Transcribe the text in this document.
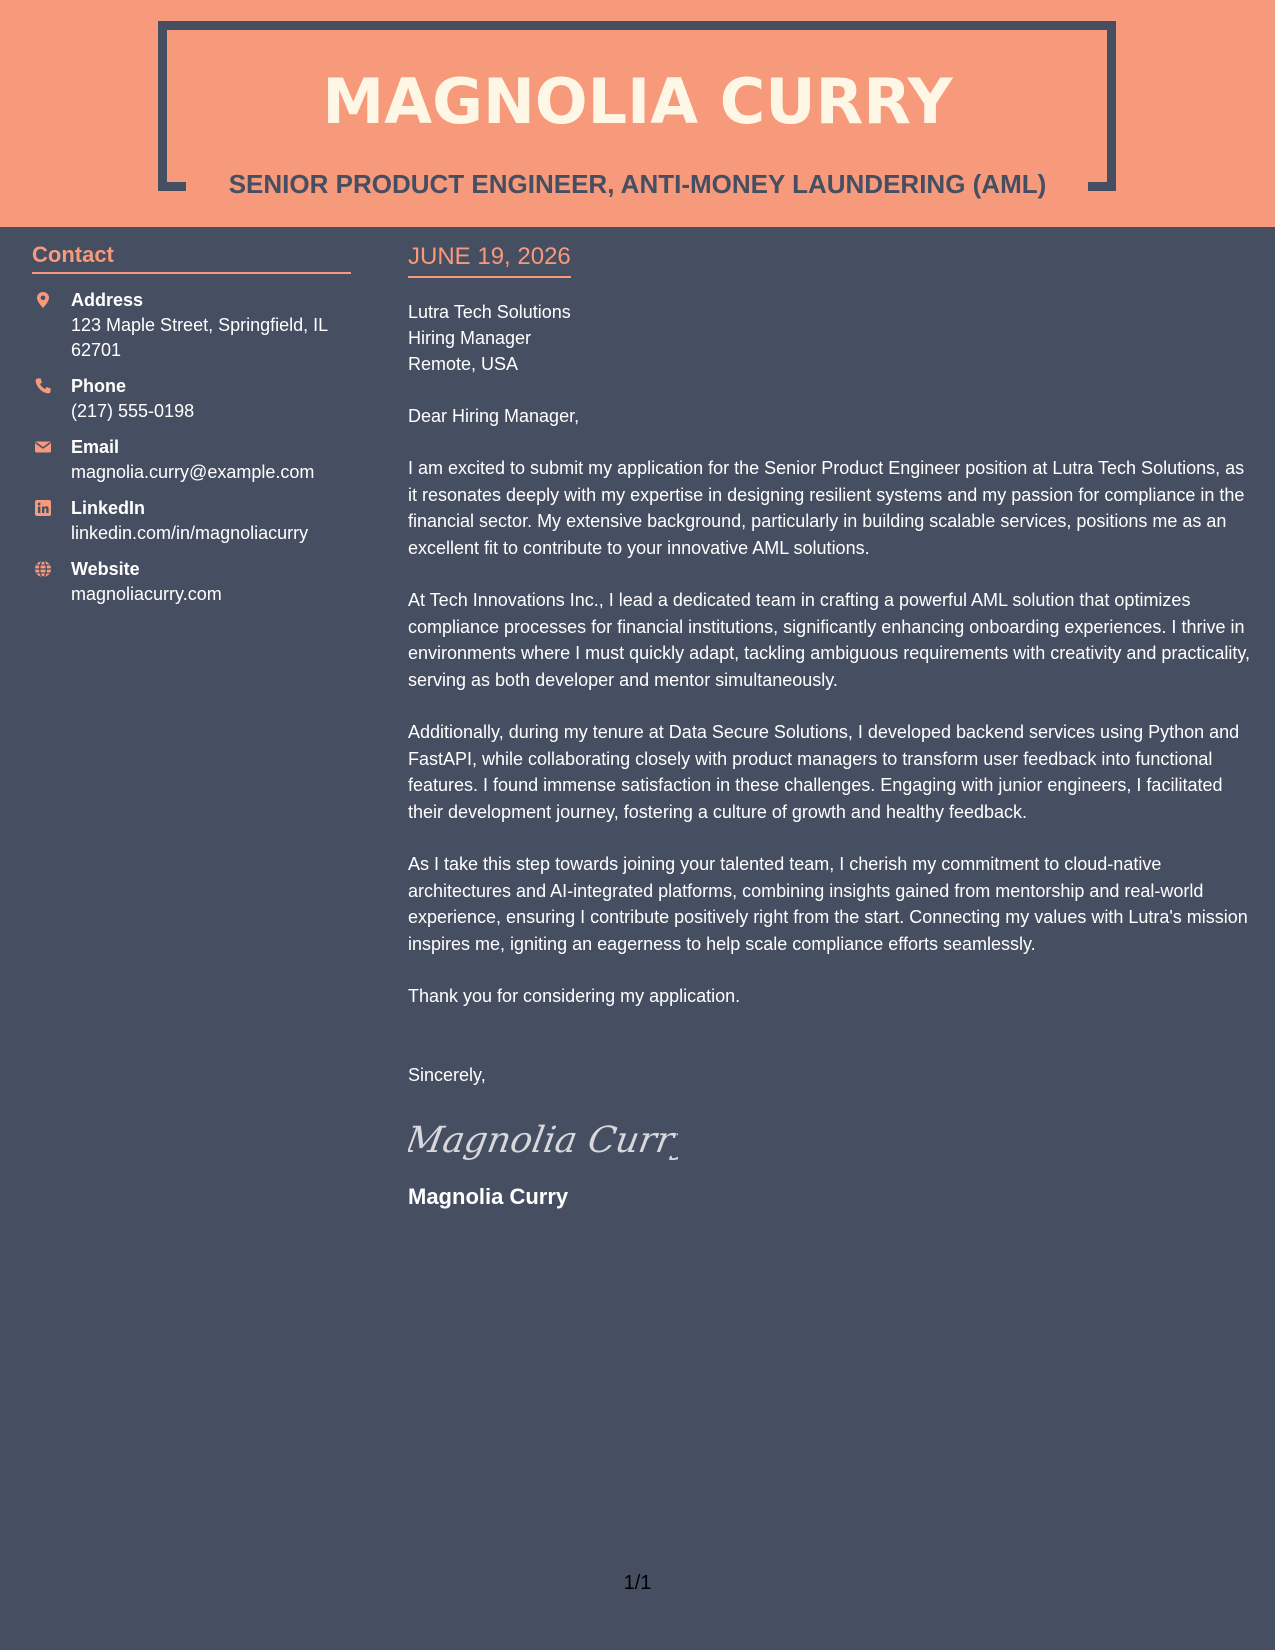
MAGNOLIA CURRY
SENIOR PRODUCT ENGINEER, ANTI-MONEY LAUNDERING (AML)
Contact
Address
123 Maple Street, Springfield, IL 62701
Phone
(217) 555-0198
Email
magnolia.curry@example.com
LinkedIn
linkedin.com/in/magnoliacurry
Website
magnoliacurry.com
JUNE 19, 2026
Lutra Tech Solutions
Hiring Manager
Remote, USA
Dear Hiring Manager,

I am excited to submit my application for the Senior Product Engineer position at Lutra Tech Solutions, as it resonates deeply with my expertise in designing resilient systems and my passion for compliance in the financial sector. My extensive background, particularly in building scalable services, positions me as an excellent fit to contribute to your innovative AML solutions.

At Tech Innovations Inc., I lead a dedicated team in crafting a powerful AML solution that optimizes compliance processes for financial institutions, significantly enhancing onboarding experiences. I thrive in environments where I must quickly adapt, tackling ambiguous requirements with creativity and practicality, serving as both developer and mentor simultaneously.

Additionally, during my tenure at Data Secure Solutions, I developed backend services using Python and FastAPI, while collaborating closely with product managers to transform user feedback into functional features. I found immense satisfaction in these challenges. Engaging with junior engineers, I facilitated their development journey, fostering a culture of growth and healthy feedback.

As I take this step towards joining your talented team, I cherish my commitment to cloud-native architectures and AI-integrated platforms, combining insights gained from mentorship and real-world experience, ensuring I contribute positively right from the start. Connecting my values with Lutra's mission inspires me, igniting an eagerness to help scale compliance efforts seamlessly.

Thank you for considering my application.

Sincerely,
Magnolia Curry
Magnolia Curry
1/1
